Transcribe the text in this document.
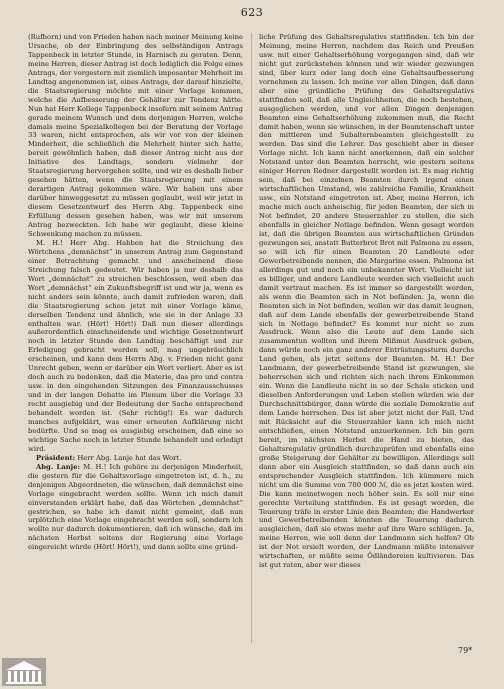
623

(Rufhorn) und von Frieden haben nach meiner Meinung keine Ursache, ob der Einbringung des selbständigen Antrags Tappenbeck in letzter Stunde, in Harnisch zu geraten. Denn, meine Herren, dieser Antrag ist doch lediglich die Folge eines Antrags, der vorgestern mit ziemlich imposanter Mehrheit im Landtag angenommen ist, eines Antrags, der darauf hinzielte, die Staatsregierung möchte mit einer Vorlage kommen, welche die Aufbesserung der Gehälter zur Tendenz hätte. Nun hat Herr Kollege Tappenbeck insofern mit seinem Antrag gerade meinem Wunsch und dem derjenigen Herren, welche damals meine Spezialkollegen bei der Beratung der Vorlage 33 waren, nicht entsprochen, als wir vor von der kleinen Minderheit, die schließlich die Mehrheit hinter sich hatte, bereit gewöhnlich haben, daß dieser Antrag nicht aus der Initiative des Landtags, sondern vielmehr der Staatsregierung hervorgehen sollte, und wir es deshalb lieber gesehen hätten, wenn die Staatsregierung mit einem derartigen Antrag gekommen wäre. Wir haben uns aber darüber hinweggesetzt zu müssen geglaubt, weil wir jetzt in diesem Gesetzentwurf des Herrn Abg. Tappenbeck eine Erfüllung dessen gesehen haben, was wir mit unserem Antrag bezweckten. Ich habe wir geglaubt, diese kleine Schwenkung machen zu müssen.

M. H.! Herr Abg. Habben hat die Streichung des Wörtchens „demnächst“ in unserem Antrag zum Gegenstand einer Betrachtung gemacht und anscheinend diese Streichung falsch gedeutet. Wir haben ja nur deshalb das Wort „demnächst“ zu streichen beschlossen, weil eben das Wort „demnächst“ ein Zukunftsbegriff ist und wir ja, wenn es nicht anders sein könnte, auch damit zufrieden waren, daß die Staatsregierung schon jetzt mit einer Vorlage käme, derselben Tendenz und ähnlich, wie sie in der Anlage 33 enthalten war. (Hört! Hört!) Daß nun dieser allerdings außerordentlich einschneidende und wichtige Gesetzentwurf noch in letzter Stunde den Landtag beschäftigt und zur Erledigung gebracht werden soll, mag ungebräuchlich erscheinen, und kann dem Herrn Abg. v. Frieden nicht ganz Unrecht geben, wenn er darüber ein Wort verliert. Aber es ist doch auch zu bedenken, daß die Materie, das pro und contra usw. in den eingehenden Sitzungen des Finanzausschusses und in der langen Debatte im Plenum über die Vorlage 33 recht ausgiebig und der Bedeutung der Sache entsprechend behandelt worden ist. (Sehr richtig!) Es war dadurch manches aufgeklärt, was einer erneuten Aufklärung nicht bedürfte. Und so mag es ausgiebig erscheinen, daß eine so wichtige Sache noch in letzter Stunde behandelt und erledigt wird.

Präsident: Herr Abg. Lanje hat das Wort.

Abg. Lanje: M. H.! Ich gehöre zu derjenigen Minderheit, die gestern für die Gehaltsvorlage eingetreten ist, d. h., zu denjenigen Abgeordneten, die wünschen, daß demnächst eine Vorlage eingebracht werden sollte. Wenn ich mich damit einverstanden erklärt habe, daß das Wörtchen „demnächst“ gestrichen, so habe ich damit nicht gemeint, daß nun urplötzlich eine Vorlage eingebracht werden soll, sondern ich wollte nur dadurch dokumentieren, daß ich wünsche, daß im nächsten Herbst seitens der Regierung eine Vorlage eingereicht würde (Hört! Hört!), und dann sollte eine gründ-

liche Prüfung des Gehaltsregulativs stattfinden. Ich bin der Meinung, meine Herren, nachdem das Reich und Preußen usw. mit einer Gehaltserhöhung vorgegangen sind, daß wir nicht gut zurückstehen können und wir wieder gezwungen sind, über kurz oder lang doch eine Gehaltsaufbesserung vornehmen zu lassen. Ich meine vor allen Dingen, daß dann aber eine gründliche Prüfung des Gehaltsregulativs stattfinden soll, daß alle Ungleichheiten, die noch bestehen, ausgeglichen werden, und vor allen Dingen denjenigen Beamten eine Gehaltserhöhung zukommen muß, die Recht damit haben, wenn sie wünschen, in der Beamtenschaft unter den mittleren und Subalternbeamten gleichgestellt zu werden. Das sind die Lehrer. Das geschieht aber in dieser Vorlage nicht. Ich kann nicht anerkennen, daß ein solcher Notstand unter den Beamten herrscht, wie gestern seitens einiger Herren Redner dargestellt worden ist. Es mag richtig sein, daß bei einzelnen Beamten durch irgend einen wirtschaftlichen Umstand, wie zahlreiche Familie, Krankheit usw., ein Notstand eingetreten ist. Aber, meine Herren, ich mache mich auch anheischig, für jeden Beamten, der sich in Not befindet, 20 andere Steuerzahler zu stellen, die sich ebenfalls in gleicher Notlage befinden. Wenn gesagt worden ist, daß die übrigen Beamten aus wirtschaftlichen Gründen gezwungen sei, anstatt Butterbrot Brot mit Palmona zu essen, so will ich für einen Beamten 20 Landleute oder Gewerbetreibende nennen, die Margarine essen. Palmona ist allerdings gut und noch ein unbekannter Wort. Vielleicht ist es billiger, und andere Landleute werden sich vielleicht auch damit vertraut machen. Es ist immer so dargestellt worden, als wenn die Beamten sich in Not befänden. Ja, wenn die Beamten sich in Not befinden, wollen wir das damit leugnen, daß auf dem Lande ebenfalls der gewerbetreibende Stand sich in Notlage befindet? Es kommt nur nicht so zum Ausdruck. Wenn also die Leute auf dem Lande sich zusammentun wollten und ihrem Mißmut Ausdruck geben, dann würde noch ein ganz anderer Entrüstungssturm durchs Land gehen, als jetzt seitens der Beamten. M. H.! Der Landmann, der gewerbetreibende Stand ist gezwungen, sie beherrschen sich und richten sich nach ihrem Einkommen ein. Wenn die Landleute nicht in so der Schale sticken und dieselben Anforderungen und Leben stellen würden wie der Durchschnittsbürger, dann würde die soziale Demokratie auf dem Lande herrschen. Das ist aber jetzt nicht der Fall. Und mit Rücksicht auf die Steuerzahler kann ich mich nicht entschließen, einen Notstand anzuerkennen. Ich bin gern bereit, im nächsten Herbst die Hand zu bieten, das Gehaltsregulativ gründlich durchzuprüfen und ebenfalls eine große Steigerung der Gehälter zu bewilligen. Allerdings soll dann aber ein Ausgleich stattfinden, so daß dann auch ein entsprechender Ausgleich stattfinden. Ich kümmere mich nicht um die Summe von 700 000 ℳ, die es jetzt kosten wird. Die kann meinetwegen noch höher sein. Es soll nur eine gerechte Verteilung stattfinden. Es ist gesagt worden, die Teuerung träfe in erster Linie den Beamten; die Handwerker und Gewerbetreibenden könnten die Teuerung dadurch ausgleichen, daß sie etwas mehr auf ihre Ware schlügen. Ja, meine Herren, wie soll denn der Landmann sich helfen? Ob ist der Not ersielt worden, der Landmann müßte intensiver wirtschaften, er müßte seine Ödländereien kultivieren. Das ist gut raten, aber wer dieses

79*
